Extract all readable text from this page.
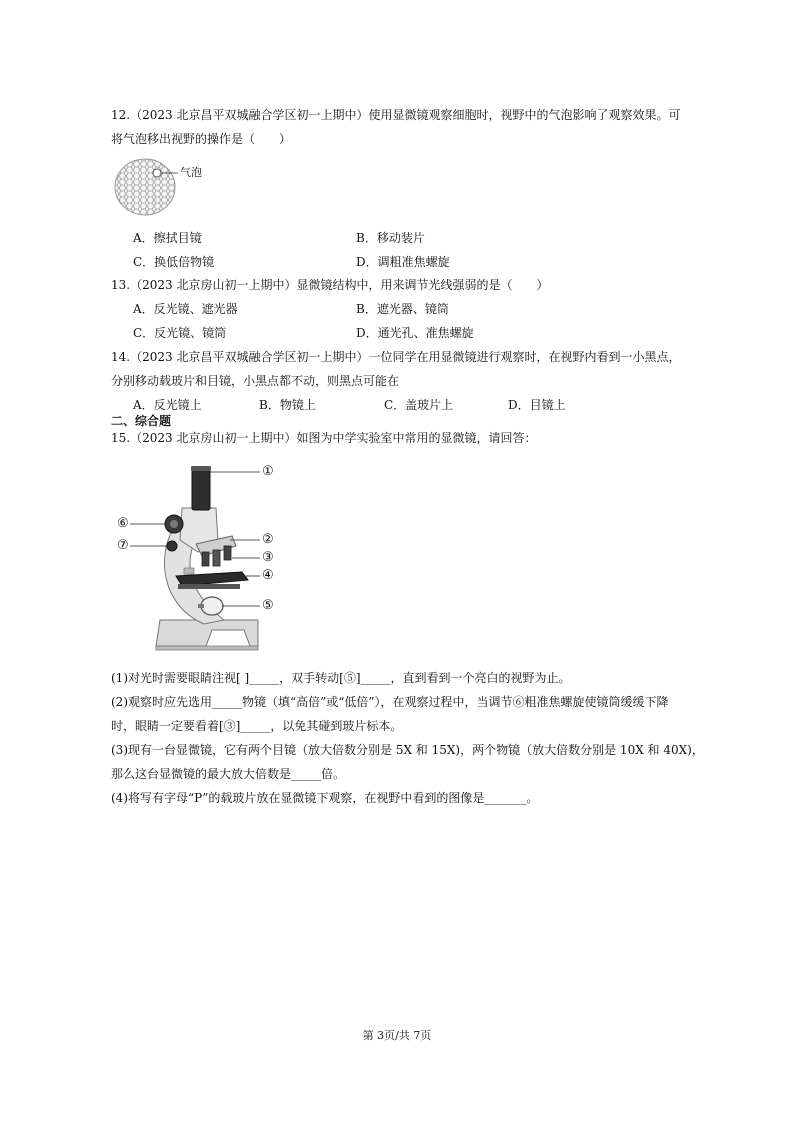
12.（2023 北京昌平双城融合学区初一上期中）使用显微镜观察细胞时，视野中的气泡影响了观察效果。可
将气泡移出视野的操作是（　　）
气泡
A．擦拭目镜	B．移动装片
C．换低倍物镜	D．调粗准焦螺旋
13.（2023 北京房山初一上期中）显微镜结构中，用来调节光线强弱的是（　　）
A．反光镜、遮光器	B．遮光器、镜筒
C．反光镜、镜筒	D．通光孔、准焦螺旋
14.（2023 北京昌平双城融合学区初一上期中）一位同学在用显微镜进行观察时，在视野内看到一小黑点，
分别移动载玻片和目镜，小黑点都不动，则黑点可能在
A．反光镜上	B．物镜上	C．盖玻片上	D．目镜上
二、综合题
15.（2023 北京房山初一上期中）如图为中学实验室中常用的显微镜，请回答：
①
②
③
④
⑤
⑥
⑦
(1)对光时需要眼睛注视[ ]_____，双手转动[⑤]_____，直到看到一个亮白的视野为止。
(2)观察时应先选用_____物镜（填“高倍”或“低倍”），在观察过程中，当调节⑥粗准焦螺旋使镜筒缓缓下降
时，眼睛一定要看着[③]_____，以免其碰到玻片标本。
(3)现有一台显微镜，它有两个目镜（放大倍数分别是 5X 和 15X)，两个物镜（放大倍数分别是 10X 和 40X)，
那么这台显微镜的最大放大倍数是_____倍。
(4)将写有字母“P”的载玻片放在显微镜下观察，在视野中看到的图像是_______。
第 3页/共 7页
